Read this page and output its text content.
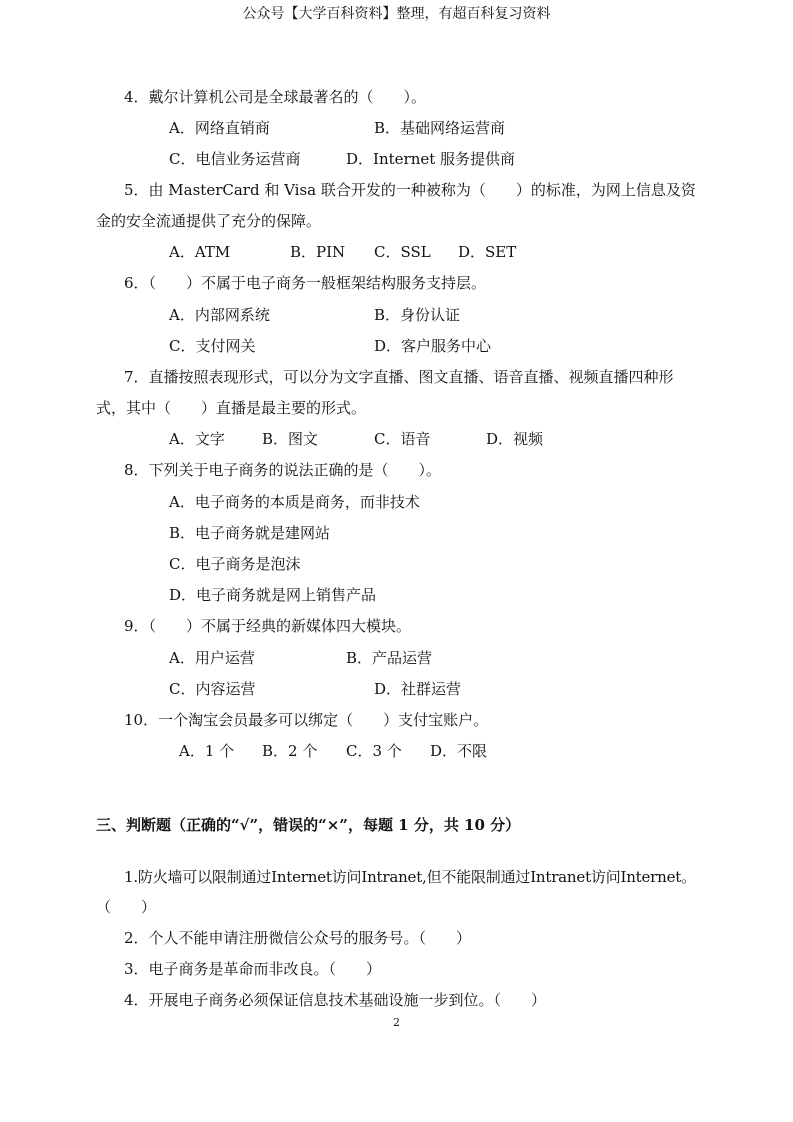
公众号【大学百科资料】整理，有超百科复习资料
4．戴尔计算机公司是全球最著名的（　　）。
A．网络直销商	B．基础网络运营商
C．电信业务运营商	D．Internet 服务提供商
5．由 MasterCard 和 Visa 联合开发的一种被称为（　　）的标准，为网上信息及资
金的安全流通提供了充分的保障。
A．ATM	B．PIN C．SSL D．SET
6．（　　）不属于电子商务一般框架结构服务支持层。
A．内部网系统	B．身份认证
C．支付网关	D．客户服务中心
7．直播按照表现形式，可以分为文字直播、图文直播、语音直播、视频直播四种形
式，其中（　　）直播是最主要的形式。
A．文字 B．图文	C．语音	D．视频
8．下列关于电子商务的说法正确的是（　　）。
A．电子商务的本质是商务，而非技术
B．电子商务就是建网站
C．电子商务是泡沫
D．电子商务就是网上销售产品
9．（　　）不属于经典的新媒体四大模块。
A．用户运营	B．产品运营
C．内容运营	D．社群运营
10．一个淘宝会员最多可以绑定（　　）支付宝账户。
A．1 个 B．2 个 C．3 个 D．不限
三、判断题（正确的“√”，错误的“×”，每题 1 分，共 10 分）
1.防火墙可以限制通过Internet访问Intranet,但不能限制通过Intranet访问Internet。
（　　）
2．个人不能申请注册微信公众号的服务号。（　　）
3．电子商务是革命而非改良。（　　）
4．开展电子商务必须保证信息技术基础设施一步到位。（　　）
2
